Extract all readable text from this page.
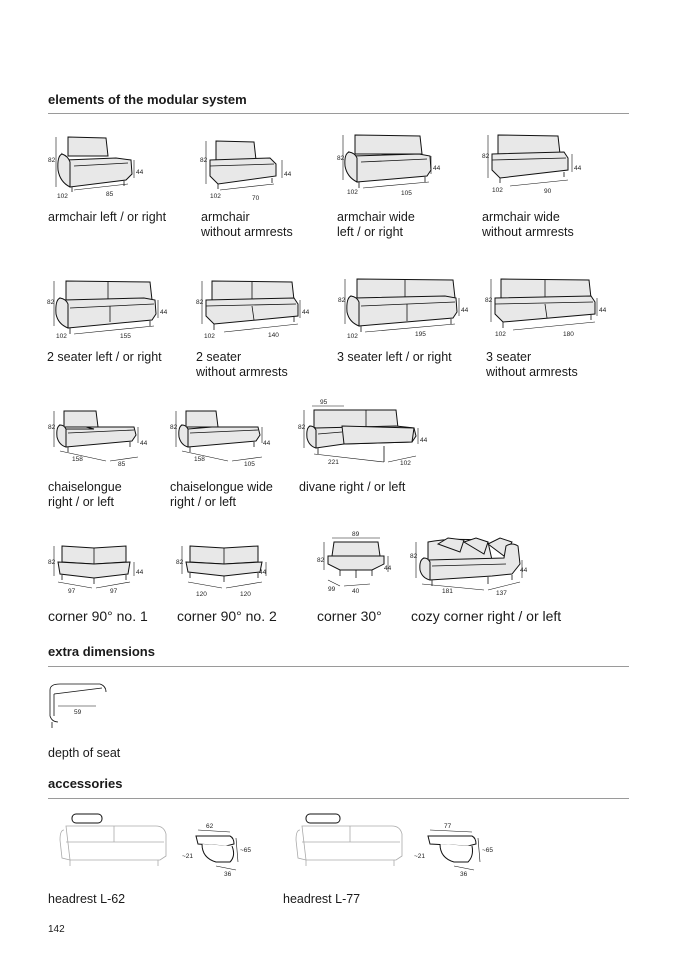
elements of the modular system
82
44
102	85
armchair left / or right
82
44
102	70
armchair
without armrests
82
44
102	105
armchair wide
left / or right
82
44
102	90
armchair wide
without armrests
82
44
102	155
2 seater left / or right
82
44
102	140
2 seater
without armrests
82
44
102	195
3 seater left / or right
82
44
102	180
3 seater
without armrests
82
44
158
85
chaiselongue
right / or left
82
44
158
105
chaiselongue wide
right / or left
95
82
44
221	102
divane right / or left
82
44
97	97
corner 90° no. 1
82
44
120	120
corner 90° no. 2
89
82
44
99	40
corner 30°
82
44
181	137
cozy corner right / or left
extra dimensions
59
depth of seat
accessories
62
~65
~21
36
headrest L-62
77
~65
~21
36
headrest L-77
142
